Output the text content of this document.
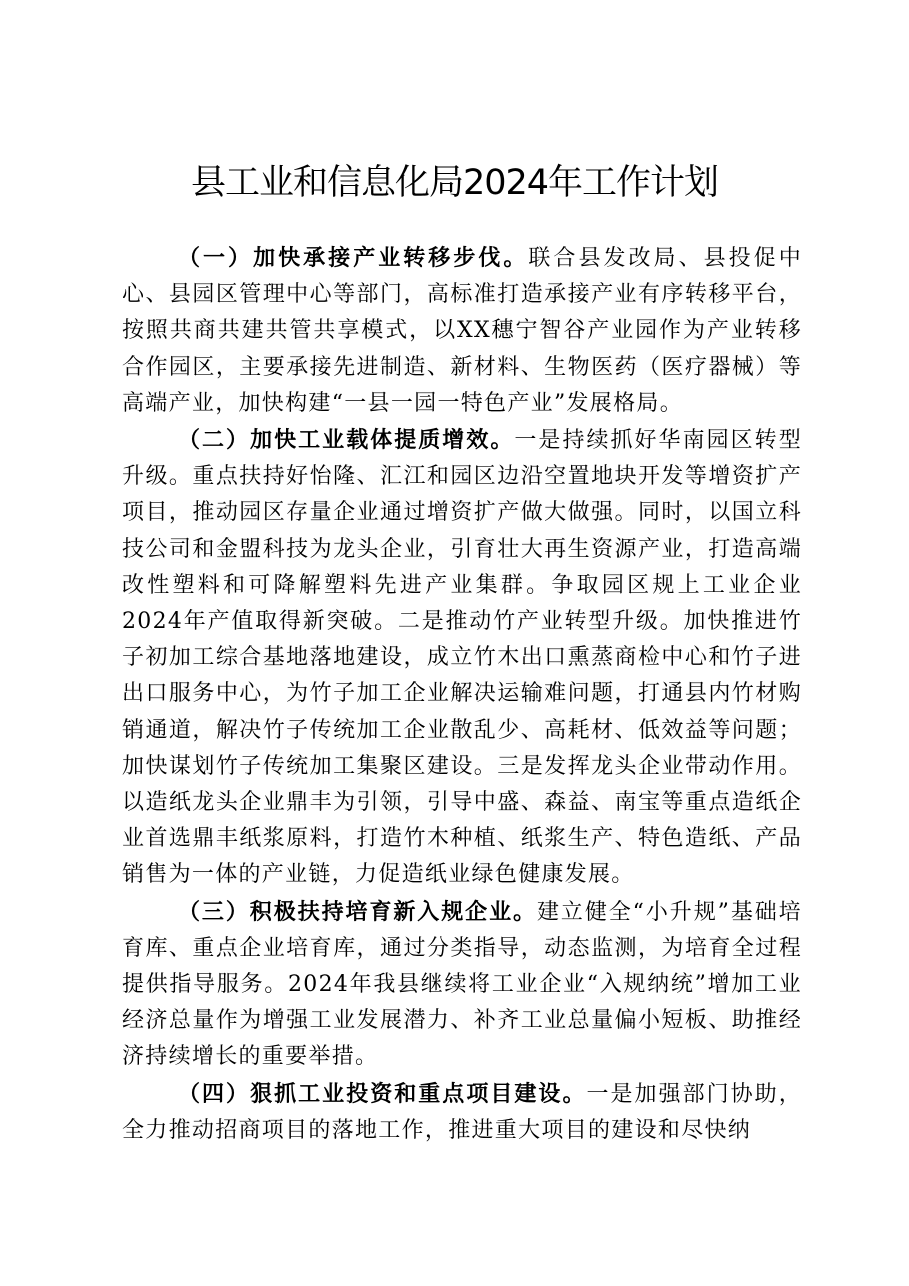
县工业和信息化局2024年工作计划

（一）加快承接产业转移步伐。联合县发改局、县投促中心、县园区管理中心等部门，高标准打造承接产业有序转移平台，按照共商共建共管共享模式，以XX穗宁智谷产业园作为产业转移合作园区，主要承接先进制造、新材料、生物医药（医疗器械）等高端产业，加快构建“一县一园一特色产业”发展格局。

（二）加快工业载体提质增效。一是持续抓好华南园区转型升级。重点扶持好怡隆、汇江和园区边沿空置地块开发等增资扩产项目，推动园区存量企业通过增资扩产做大做强。同时，以国立科技公司和金盟科技为龙头企业，引育壮大再生资源产业，打造高端改性塑料和可降解塑料先进产业集群。争取园区规上工业企业2024年产值取得新突破。二是推动竹产业转型升级。加快推进竹子初加工综合基地落地建设，成立竹木出口熏蒸商检中心和竹子进出口服务中心，为竹子加工企业解决运输难问题，打通县内竹材购销通道，解决竹子传统加工企业散乱少、高耗材、低效益等问题；加快谋划竹子传统加工集聚区建设。三是发挥龙头企业带动作用。以造纸龙头企业鼎丰为引领，引导中盛、森益、南宝等重点造纸企业首选鼎丰纸浆原料，打造竹木种植、纸浆生产、特色造纸、产品销售为一体的产业链，力促造纸业绿色健康发展。

（三）积极扶持培育新入规企业。建立健全“小升规”基础培育库、重点企业培育库，通过分类指导，动态监测，为培育全过程提供指导服务。2024年我县继续将工业企业“入规纳统”增加工业经济总量作为增强工业发展潜力、补齐工业总量偏小短板、助推经济持续增长的重要举措。

（四）狠抓工业投资和重点项目建设。一是加强部门协助，全力推动招商项目的落地工作，推进重大项目的建设和尽快纳
